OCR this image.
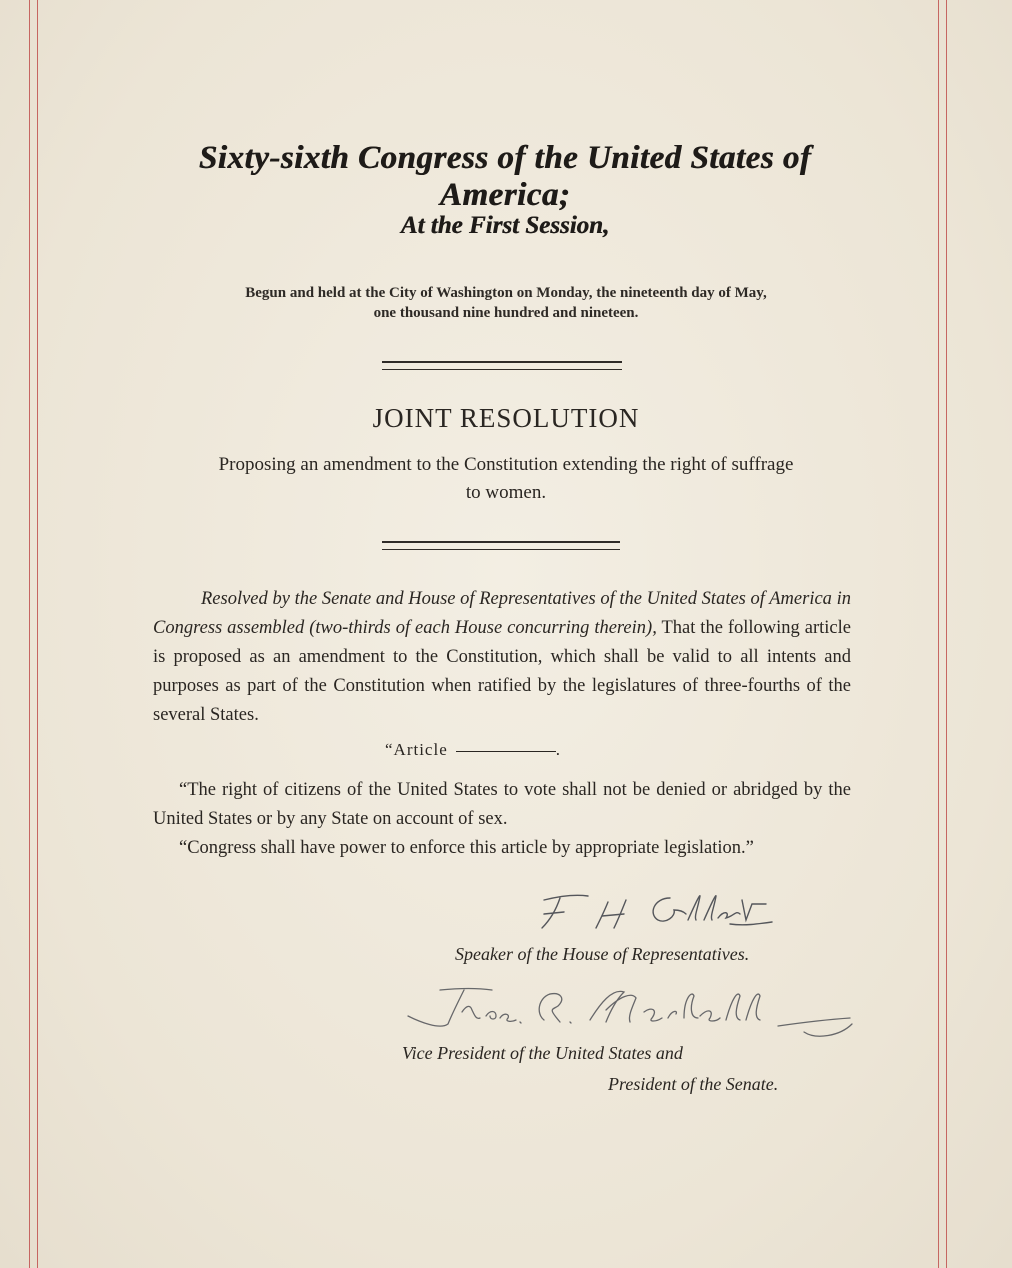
Sixty-sixth Congress of the United States of America;
At the First Session,
Begun and held at the City of Washington on Monday, the nineteenth day of May,
one thousand nine hundred and nineteen.
JOINT RESOLUTION
Proposing an amendment to the Constitution extending the right of suffrage
to women.

Resolved by the Senate and House of Representatives of the United States of America in Congress assembled (two-thirds of each House concurring therein), That the following article is proposed as an amendment to the Constitution, which shall be valid to all intents and purposes as part of the Constitution when ratified by the legislatures of three-fourths of the several States.

“Article	.

“The right of citizens of the United States to vote shall not be denied or abridged by the United States or by any State on account of sex.

“Congress shall have power to enforce this article by appropriate legislation.”

Speaker of the House of Representatives.
Vice President of the United States and
President of the Senate.
